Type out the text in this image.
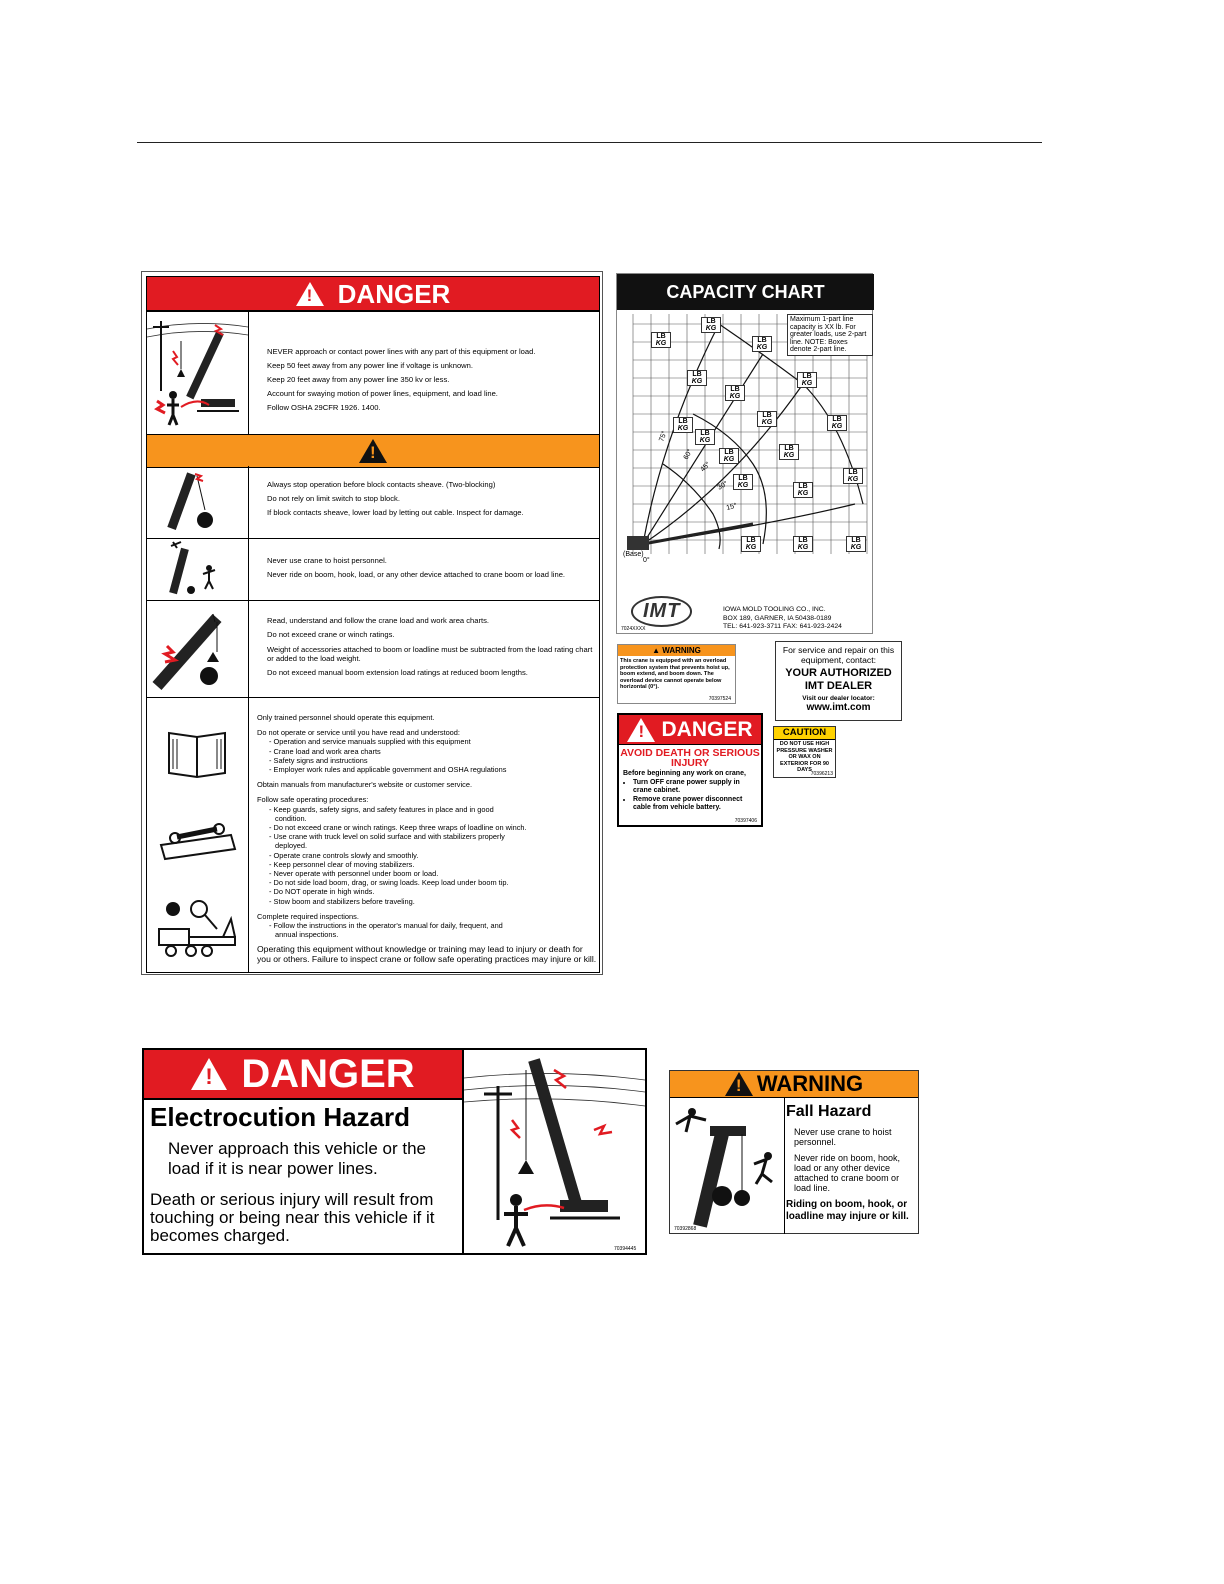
!
DANGER

NEVER approach or contact power lines with any part of this equipment or load.

Keep 50 feet away from any power line if voltage is unknown.

Keep 20 feet away from any power line 350 kv or less.

Account for swaying motion of power lines, equipment, and load line.

Follow OSHA 29CFR 1926. 1400.

!

Always stop operation before block contacts sheave. (Two-blocking)

Do not rely on limit switch to stop block.

If block contacts sheave, lower load by letting out cable. Inspect for damage.

Never use crane to hoist personnel.

Never ride on boom, hook, load, or any other device attached to crane boom or load line.

Read, understand and follow the crane load and work area charts.

Do not exceed crane or winch ratings.

Weight of accessories attached to boom or loadline must be subtracted from the load rating chart or added to the load weight.

Do not exceed manual boom extension load ratings at reduced boom lengths.

Only trained personnel should operate this equipment.

Do not operate or service until you have read and understood:

- Operation and service manuals supplied with this equipment

- Crane load and work area charts

- Safety signs and instructions

- Employer work rules and applicable government and OSHA regulations

Obtain manuals from manufacturer's website or customer service.

Follow safe operating procedures:

- Keep guards, safety signs, and safety features in place and in good

condition.

- Do not exceed crane or winch ratings. Keep three wraps of loadline on winch.

- Use crane with truck level on solid surface and with stabilizers properly

deployed.

- Operate crane controls slowly and smoothly.

- Keep personnel clear of moving stabilizers.

- Never operate with personnel under boom or load.

- Do not side load boom, drag, or swing loads. Keep load under boom tip.

- Do NOT operate in high winds.

- Stow boom and stabilizers before traveling.

Complete required inspections.

- Follow the instructions in the operator's manual for daily, frequent, and

annual inspections.

Operating this equipment without knowledge or training may lead to injury or death for you or others. Failure to inspect crane or follow safe operating practices may injure or kill.

CAPACITY CHART
75°
60°
45°
30°
15°
0°
(Base)
Maximum 1-part line capacity is XX lb. For greater loads, use 2-part line. NOTE: Boxes denote 2-part line.
LB
KG
LB
KG
LB
KG
LB
KG
LB
KG
LB
KG
LB
KG	LB
KG
LB
KG
LB
KG
LB
KG
LB
KG
LB
KG
LB
KG	LB
KG
LB
KG
LB
KG
LB
KG
IMT	IOWA MOLD TOOLING CO., INC.
BOX 189, GARNER, IA 50438-0189
TEL: 641-923-3711 FAX: 641-923-2424
7024XXXX
▲ WARNING
This crane is equipped with an overload protection system that prevents hoist up, boom extend, and boom down. The overload device cannot operate below horizontal (0°).
70397524
For service and repair on this equipment, contact:
YOUR AUTHORIZED
IMT DEALER
Visit our dealer locator:
www.imt.com
!
DANGER
AVOID DEATH OR SERIOUS INJURY
Before beginning any work on crane,
• Turn OFF crane power supply in crane cabinet.
• Remove crane power disconnect cable from vehicle battery.
70397406
CAUTION
DO NOT USE HIGH PRESSURE WASHER OR WAX ON EXTERIOR FOR 90 DAYS
70396213
!
DANGER
Electrocution Hazard
Never approach this vehicle or the load if it is near power lines.
Death or serious injury will result from touching or being near this vehicle if it becomes charged.
70394445
!
WARNING
70392868
Fall Hazard
Never use crane to hoist personnel.
Never ride on boom, hook, load or any other device attached to crane boom or load line.
Riding on boom, hook, or loadline may injure or kill.
